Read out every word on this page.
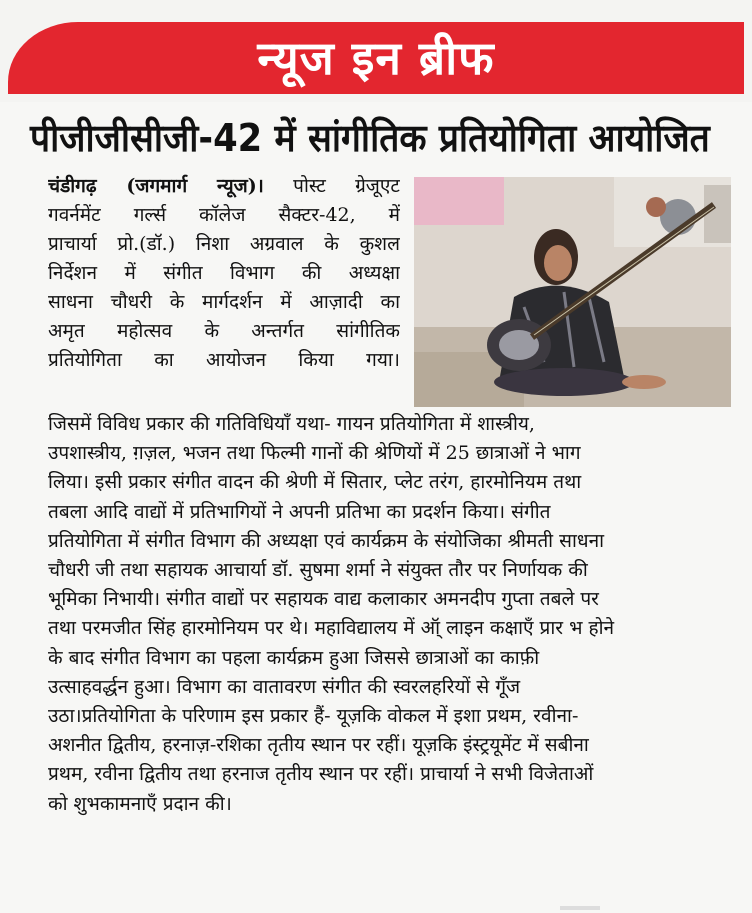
न्यूज इन ब्रीफ
पीजीजीसीजी-42 में सांगीतिक प्रतियोगिता आयोजित
चंडीगढ़ (जगमार्ग न्यूज)। पोस्ट ग्रेजूएट
गवर्नमेंट गर्ल्स कॉलेज सैक्टर-42, में
प्राचार्या प्रो.(डॉ.) निशा अग्रवाल के कुशल
निर्देशन में संगीत विभाग की अध्यक्षा
साधना चौधरी के मार्गदर्शन में आज़ादी का
अमृत महोत्सव के अन्तर्गत सांगीतिक
प्रतियोगिता का आयोजन किया गया।
जिसमें विविध प्रकार की गतिविधियाँ यथा- गायन प्रतियोगिता में शास्त्रीय,
उपशास्त्रीय, ग़ज़ल, भजन तथा फिल्मी गानों की श्रेणियों में 25 छात्राओं ने भाग
लिया। इसी प्रकार संगीत वादन की श्रेणी में सितार, प्लेट तरंग, हारमोनियम तथा
तबला आदि वाद्यों में प्रतिभागियों ने अपनी प्रतिभा का प्रदर्शन किया। संगीत
प्रतियोगिता में संगीत विभाग की अध्यक्षा एवं कार्यक्रम के संयोजिका श्रीमती साधना
चौधरी जी तथा सहायक आचार्या डॉ. सुषमा शर्मा ने संयुक्त तौर पर निर्णायक की
भूमिका निभायी। संगीत वाद्यों पर सहायक वाद्य कलाकार अमनदीप गुप्ता तबले पर
तथा परमजीत सिंह हारमोनियम पर थे। महाविद्यालय में ऑ् लाइन कक्षाएँ प्रार भ होने
के बाद संगीत विभाग का पहला कार्यक्रम हुआ जिससे छात्राओं का काफ़ी
उत्साहवर्द्धन हुआ। विभाग का वातावरण संगीत की स्वरलहरियों से गूँज
उठा।प्रतियोगिता के परिणाम इस प्रकार हैं- यूज़कि वोकल में इशा प्रथम, रवीना-
अशनीत द्वितीय, हरनाज़-रशिका तृतीय स्थान पर रहीं। यूज़कि इंस्ट्रयूमेंट में सबीना
प्रथम, रवीना द्वितीय तथा हरनाज तृतीय स्थान पर रहीं। प्राचार्या ने सभी विजेताओं
को शुभकामनाएँ प्रदान की।
